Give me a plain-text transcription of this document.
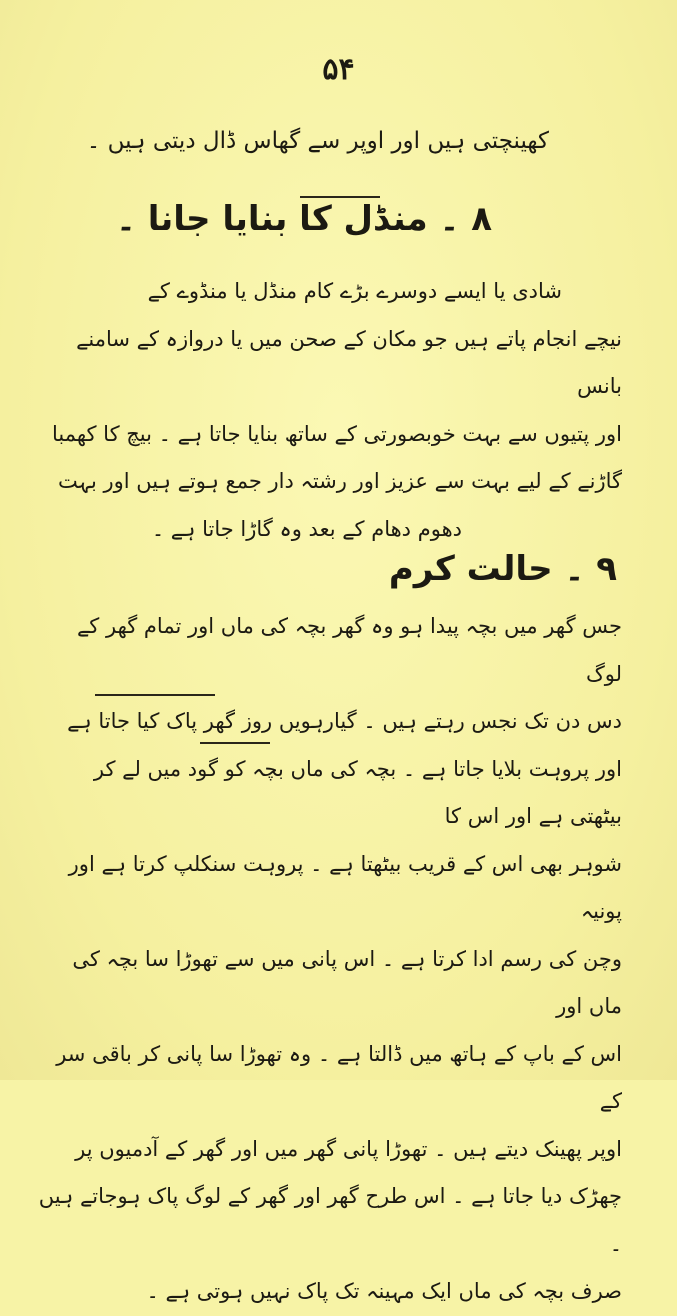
۵۴
کھینچتی ہیں اور اوپر سے گھاس ڈال دیتی ہیں ۔
۸ ۔ منڈل کا بنایا جانا ۔
شادی یا ایسے دوسرے بڑے کام منڈل یا منڈوے کے
نیچے انجام پاتے ہیں جو مکان کے صحن میں یا دروازہ کے سامنے بانس
اور پتیوں سے بہت خوبصورتی کے ساتھ بنایا جاتا ہے ۔ بیچ کا کھمبا
گاڑنے کے لیے بہت سے عزیز اور رشتہ دار جمع ہوتے ہیں اور بہت
دھوم دھام کے بعد وہ گاڑا جاتا ہے ۔
۹ ۔ حالت کرم
جس گھر میں بچہ پیدا ہو وہ گھر بچہ کی ماں اور تمام گھر کے لوگ
دس دن تک نجس رہتے ہیں ۔ گیارہویں روز گھر پاک کیا جاتا ہے
اور پروہت بلایا جاتا ہے ۔ بچہ کی ماں بچہ کو گود میں لے کر بیٹھتی ہے اور اس کا
شوہر بھی اس کے قریب بیٹھتا ہے ۔ پروہت سنکلپ کرتا ہے اور پونیہ
وچن کی رسم ادا کرتا ہے ۔ اس پانی میں سے تھوڑا سا بچہ کی ماں اور
اس کے باپ کے ہاتھ میں ڈالتا ہے ۔ وہ تھوڑا سا پانی کر باقی سر کے
اوپر پھینک دیتے ہیں ۔ تھوڑا پانی گھر میں اور گھر کے آدمیوں پر
چھڑک دیا جاتا ہے ۔ اس طرح گھر اور گھر کے لوگ پاک ہوجاتے ہیں ۔
صرف بچہ کی ماں ایک مہینہ تک پاک نہیں ہوتی ہے ۔
